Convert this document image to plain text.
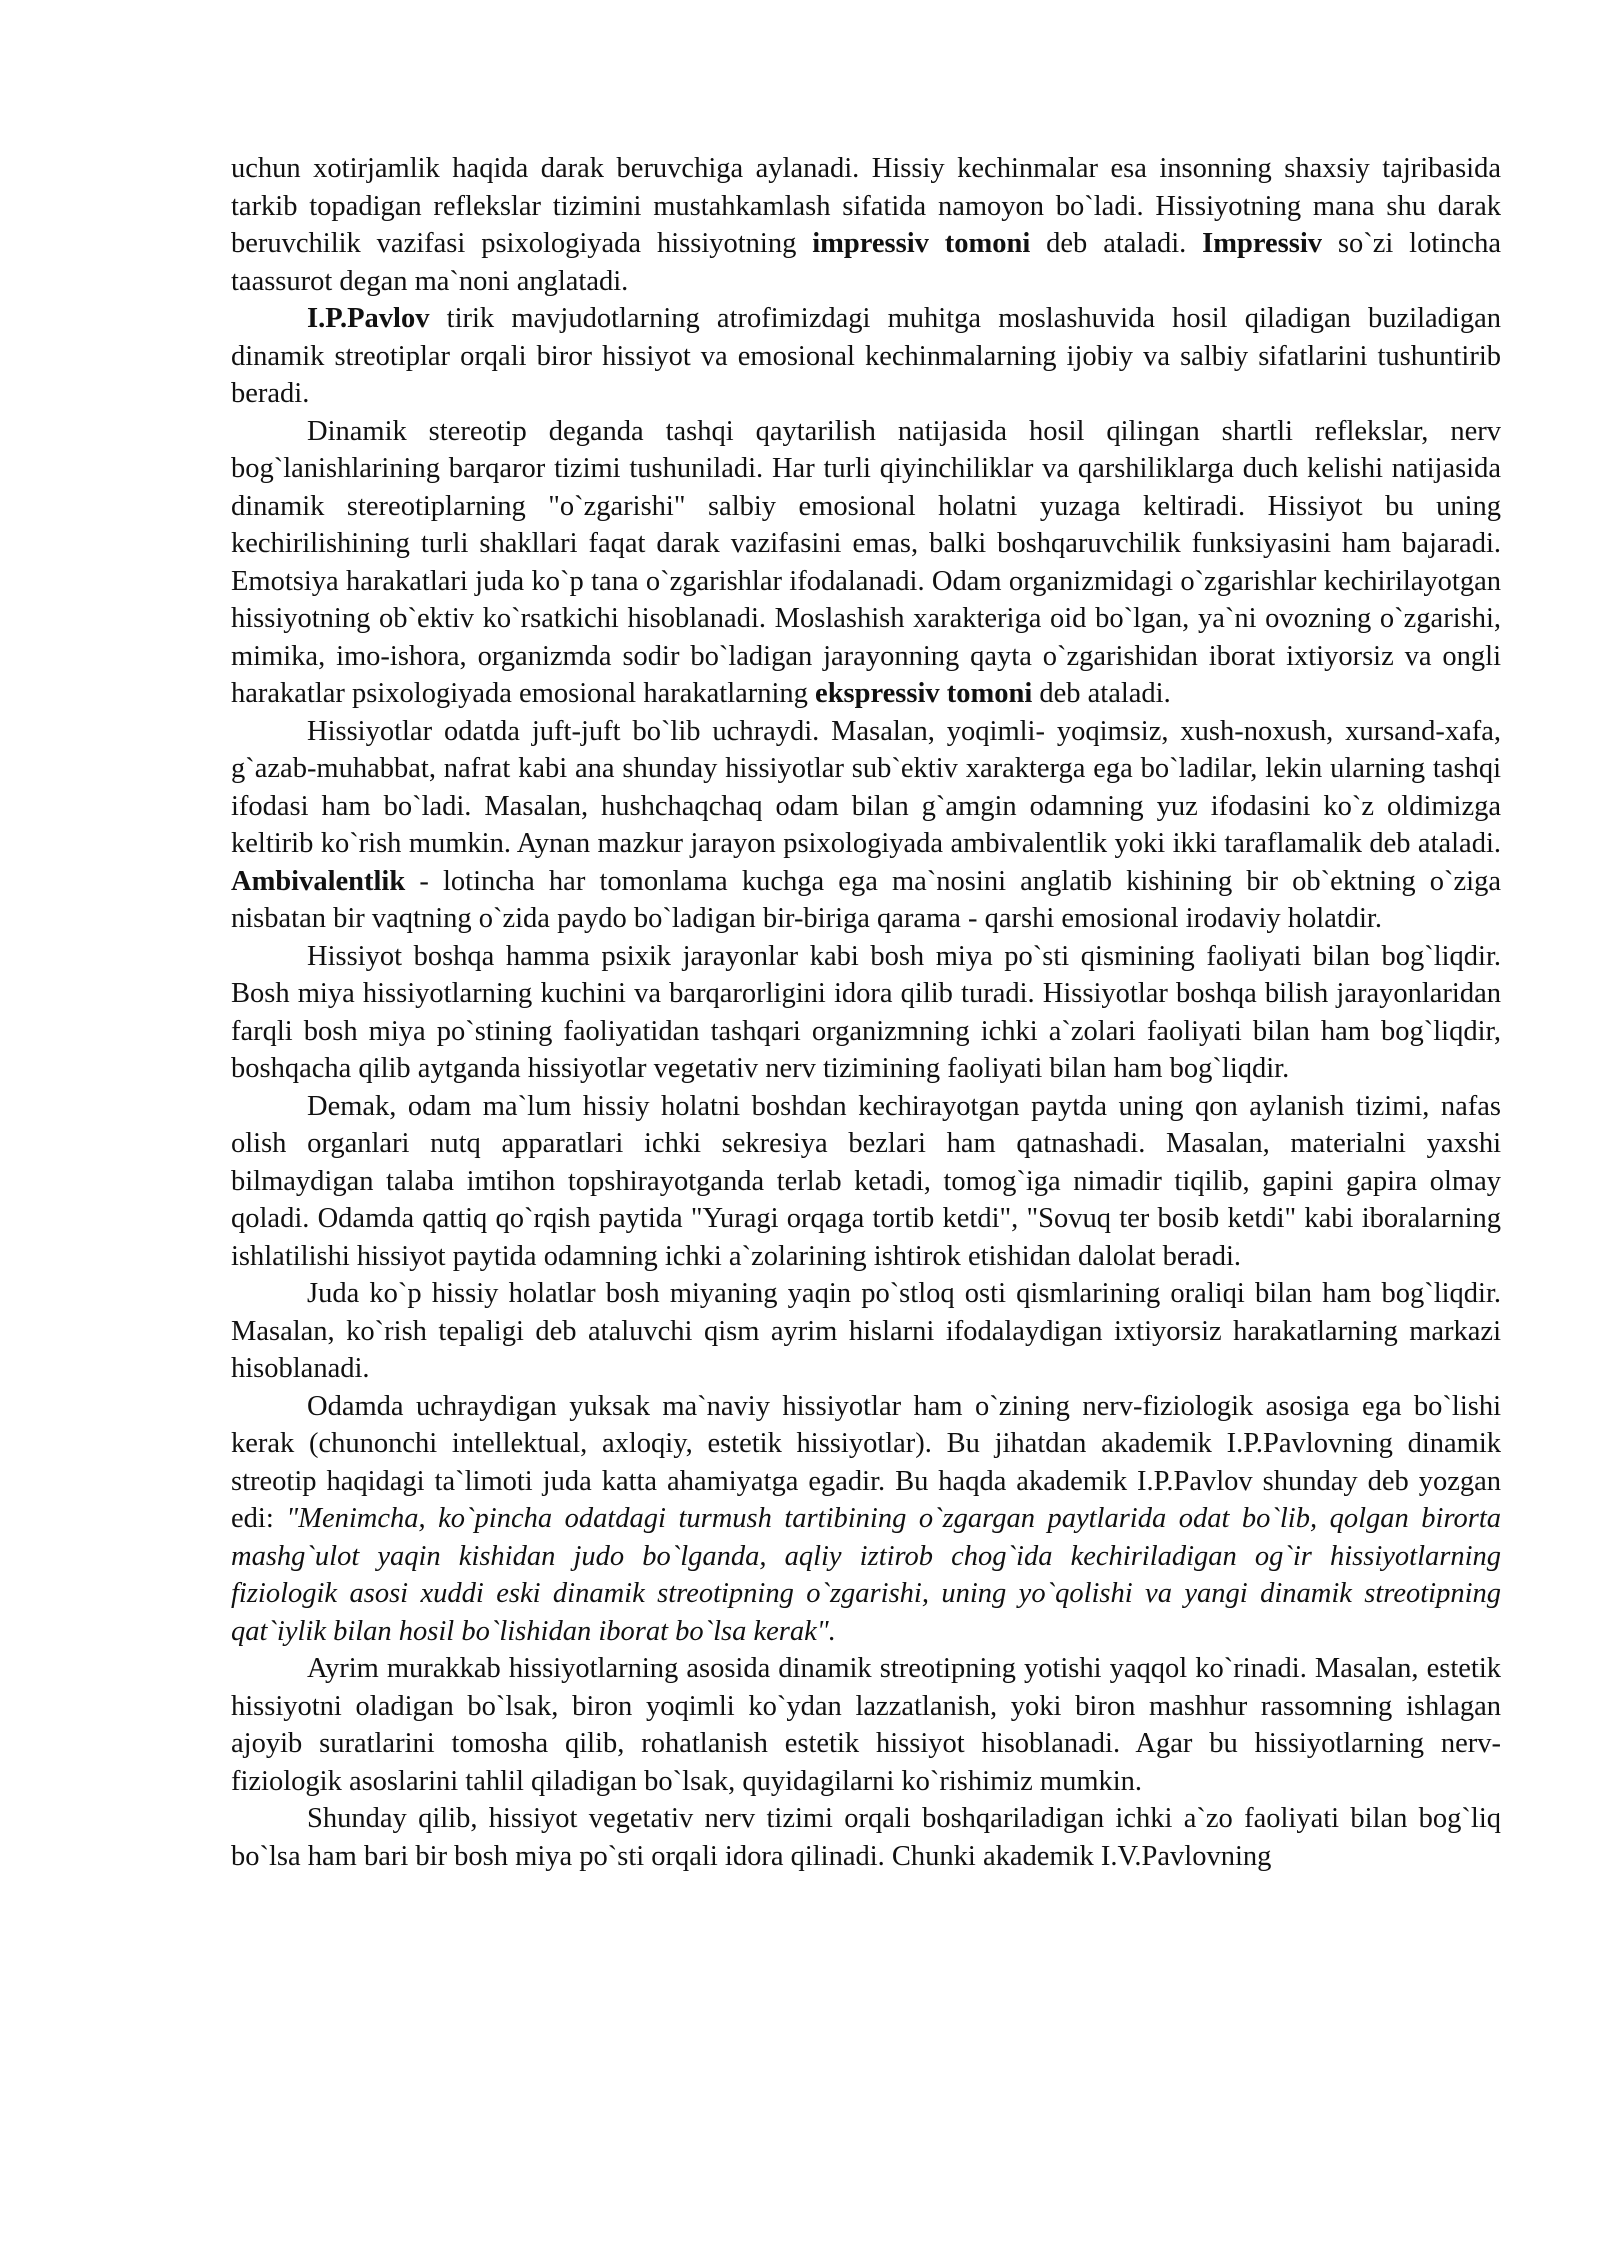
uchun xotirjamlik haqida darak beruvchiga aylanadi. Hissiy kechinmalar esa insonning shaxsiy tajribasida tarkib topadigan reflekslar tizimini mustahkamlash sifatida namoyon bo`ladi. Hissiyotning mana shu darak beruvchilik vazifasi psixologiyada hissiyotning impressiv tomoni deb ataladi. Impressiv so`zi lotincha taassurot degan ma`noni anglatadi.

I.P.Pavlov tirik mavjudotlarning atrofimizdagi muhitga moslashuvida hosil qiladigan buziladigan dinamik streotiplar orqali biror hissiyot va emosional kechinmalarning ijobiy va salbiy sifatlarini tushuntirib beradi.

Dinamik stereotip deganda tashqi qaytarilish natijasida hosil qilingan shartli reflekslar, nerv bog`lanishlarining barqaror tizimi tushuniladi. Har turli qiyinchiliklar va qarshiliklarga duch kelishi natijasida dinamik stereotiplarning "o`zgarishi" salbiy emosional holatni yuzaga keltiradi. Hissiyot bu uning kechirilishining turli shakllari faqat darak vazifasini emas, balki boshqaruvchilik funksiyasini ham bajaradi. Emotsiya harakatlari juda ko`p tana o`zgarishlar ifodalanadi. Odam organizmidagi o`zgarishlar kechirilayotgan hissiyotning ob`ektiv ko`rsatkichi hisoblanadi. Moslashish xarakteriga oid bo`lgan, ya`ni ovozning o`zgarishi, mimika, imo-ishora, organizmda sodir bo`ladigan jarayonning qayta o`zgarishidan iborat ixtiyorsiz va ongli harakatlar psixologiyada emosional harakatlarning ekspressiv tomoni deb ataladi.

Hissiyotlar odatda juft-juft bo`lib uchraydi. Masalan, yoqimli- yoqimsiz, xush-noxush, xursand-xafa, g`azab-muhabbat, nafrat kabi ana shunday hissiyotlar sub`ektiv xarakterga ega bo`ladilar, lekin ularning tashqi ifodasi ham bo`ladi. Masalan, hushchaqchaq odam bilan g`amgin odamning yuz ifodasini ko`z oldimizga keltirib ko`rish mumkin. Aynan mazkur jarayon psixologiyada ambivalentlik yoki ikki taraflamalik deb ataladi. Ambivalentlik - lotincha har tomonlama kuchga ega ma`nosini anglatib kishining bir ob`ektning o`ziga nisbatan bir vaqtning o`zida paydo bo`ladigan bir-biriga qarama - qarshi emosional irodaviy holatdir.

Hissiyot boshqa hamma psixik jarayonlar kabi bosh miya po`sti qismining faoliyati bilan bog`liqdir. Bosh miya hissiyotlarning kuchini va barqarorligini idora qilib turadi. Hissiyotlar boshqa bilish jarayonlaridan farqli bosh miya po`stining faoliyatidan tashqari organizmning ichki a`zolari faoliyati bilan ham bog`liqdir, boshqacha qilib aytganda hissiyotlar vegetativ nerv tizimining faoliyati bilan ham bog`liqdir.

Demak, odam ma`lum hissiy holatni boshdan kechirayotgan paytda uning qon aylanish tizimi, nafas olish organlari nutq apparatlari ichki sekresiya bezlari ham qatnashadi. Masalan, materialni yaxshi bilmaydigan talaba imtihon topshirayotganda terlab ketadi, tomog`iga nimadir tiqilib, gapini gapira olmay qoladi. Odamda qattiq qo`rqish paytida "Yuragi orqaga tortib ketdi", "Sovuq ter bosib ketdi" kabi iboralarning ishlatilishi hissiyot paytida odamning ichki a`zolarining ishtirok etishidan dalolat beradi.

Juda ko`p hissiy holatlar bosh miyaning yaqin po`stloq osti qismlarining oraliqi bilan ham bog`liqdir. Masalan, ko`rish tepaligi deb ataluvchi qism ayrim hislarni ifodalaydigan ixtiyorsiz harakatlarning markazi hisoblanadi.

Odamda uchraydigan yuksak ma`naviy hissiyotlar ham o`zining nerv-fiziologik asosiga ega bo`lishi kerak (chunonchi intellektual, axloqiy, estetik hissiyotlar). Bu jihatdan akademik I.P.Pavlovning dinamik streotip haqidagi ta`limoti juda katta ahamiyatga egadir. Bu haqda akademik I.P.Pavlov shunday deb yozgan edi: "Menimcha, ko`pincha odatdagi turmush tartibining o`zgargan paytlarida odat bo`lib, qolgan birorta mashg`ulot yaqin kishidan judo bo`lganda, aqliy iztirob chog`ida kechiriladigan og`ir hissiyotlarning fiziologik asosi xuddi eski dinamik streotipning o`zgarishi, uning yo`qolishi va yangi dinamik streotipning qat`iylik bilan hosil bo`lishidan iborat bo`lsa kerak".

Ayrim murakkab hissiyotlarning asosida dinamik streotipning yotishi yaqqol ko`rinadi. Masalan, estetik hissiyotni oladigan bo`lsak, biron yoqimli ko`ydan lazzatlanish, yoki biron mashhur rassomning ishlagan ajoyib suratlarini tomosha qilib, rohatlanish estetik hissiyot hisoblanadi. Agar bu hissiyotlarning nerv-fiziologik asoslarini tahlil qiladigan bo`lsak, quyidagilarni ko`rishimiz mumkin.

Shunday qilib, hissiyot vegetativ nerv tizimi orqali boshqariladigan ichki a`zo faoliyati bilan bog`liq bo`lsa ham bari bir bosh miya po`sti orqali idora qilinadi. Chunki akademik I.V.Pavlovning
